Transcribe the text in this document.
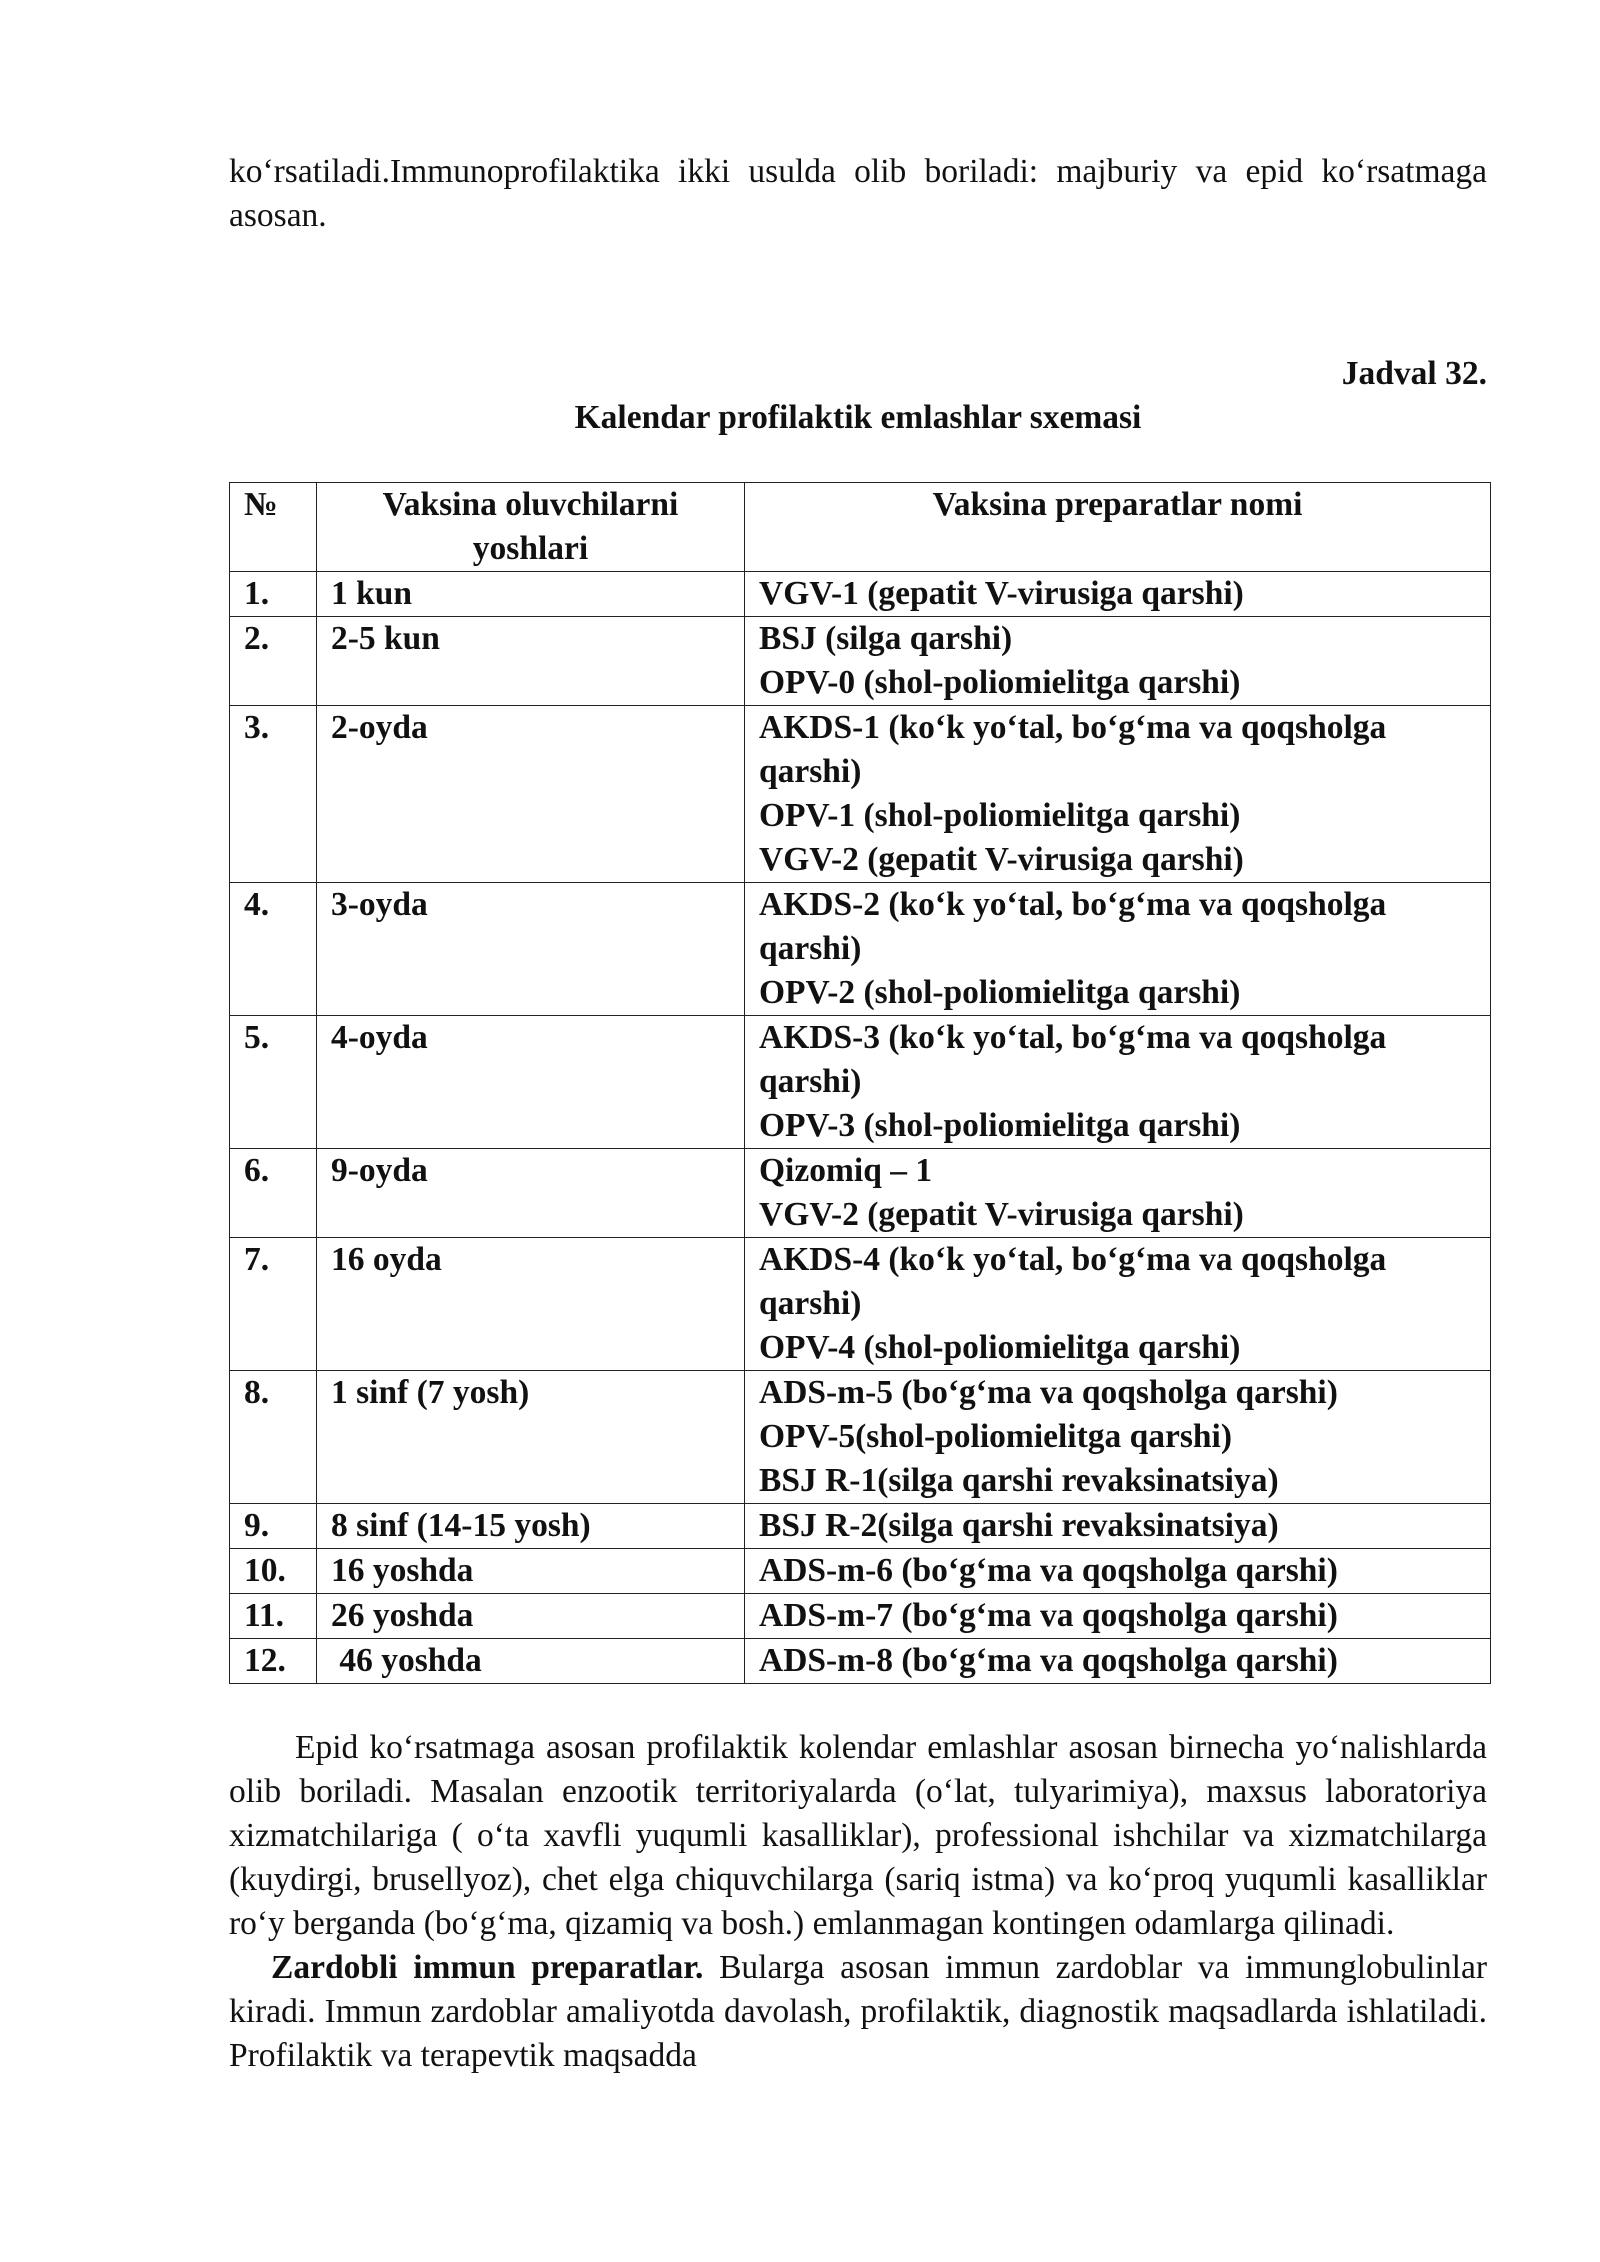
koʻrsatiladi.Immunoprofilaktika ikki usulda olib boriladi: majburiy va epid koʻrsatmaga asosan.

Jadval 32.
Kalendar profilaktik emlashlar sxemasi
№	Vaksina oluvchilarni yoshlari	Vaksina preparatlar nomi
1.	1 kun	VGV-1 (gepatit V-virusiga qarshi)

2.	2-5 kun	BSJ (silga qarshi)
OPV-0 (shol-poliomielitga qarshi)

3.	2-oyda	AKDS-1 (koʻk yoʻtal, boʻgʻma va qoqsholga qarshi)
OPV-1 (shol-poliomielitga qarshi)
VGV-2 (gepatit V-virusiga qarshi)

4.	3-oyda	AKDS-2 (koʻk yoʻtal, boʻgʻma va qoqsholga qarshi)
OPV-2 (shol-poliomielitga qarshi)

5.	4-oyda	AKDS-3 (koʻk yoʻtal, boʻgʻma va qoqsholga qarshi)
OPV-3 (shol-poliomielitga qarshi)

6.	9-oyda	Qizomiq – 1
VGV-2 (gepatit V-virusiga qarshi)

7.	16 oyda	AKDS-4 (koʻk yoʻtal, boʻgʻma va qoqsholga qarshi)
OPV-4 (shol-poliomielitga qarshi)

8.	1 sinf (7 yosh)	ADS-m-5 (boʻgʻma va qoqsholga qarshi)
OPV-5(shol-poliomielitga qarshi)
BSJ R-1(silga qarshi revaksinatsiya)

9.	8 sinf (14-15 yosh)	BSJ R-2(silga qarshi revaksinatsiya)

10.	16 yoshda	ADS-m-6 (boʻgʻma va qoqsholga qarshi)

11.	26 yoshda	ADS-m-7 (boʻgʻma va qoqsholga qarshi)

12.	46 yoshda	ADS-m-8 (boʻgʻma va qoqsholga qarshi)

Epid koʻrsatmaga asosan profilaktik kolendar emlashlar asosan birnecha yoʻnalishlarda olib boriladi. Masalan enzootik territoriyalarda (oʻlat, tulyarimiya), maxsus laboratoriya xizmatchilariga ( oʻta xavfli yuqumli kasalliklar), professional ishchilar va xizmatchilarga (kuydirgi, brusellyoz), chet elga chiquvchilarga (sariq istma) va koʻproq yuqumli kasalliklar roʻy berganda (boʻgʻma, qizamiq va bosh.) emlanmagan kontingen odamlarga qilinadi.

Zardobli immun preparatlar. Bularga asosan immun zardoblar va immunglobulinlar kiradi. Immun zardoblar amaliyotda davolash, profilaktik, diagnostik maqsadlarda ishlatiladi. Profilaktik va terapevtik maqsadda
